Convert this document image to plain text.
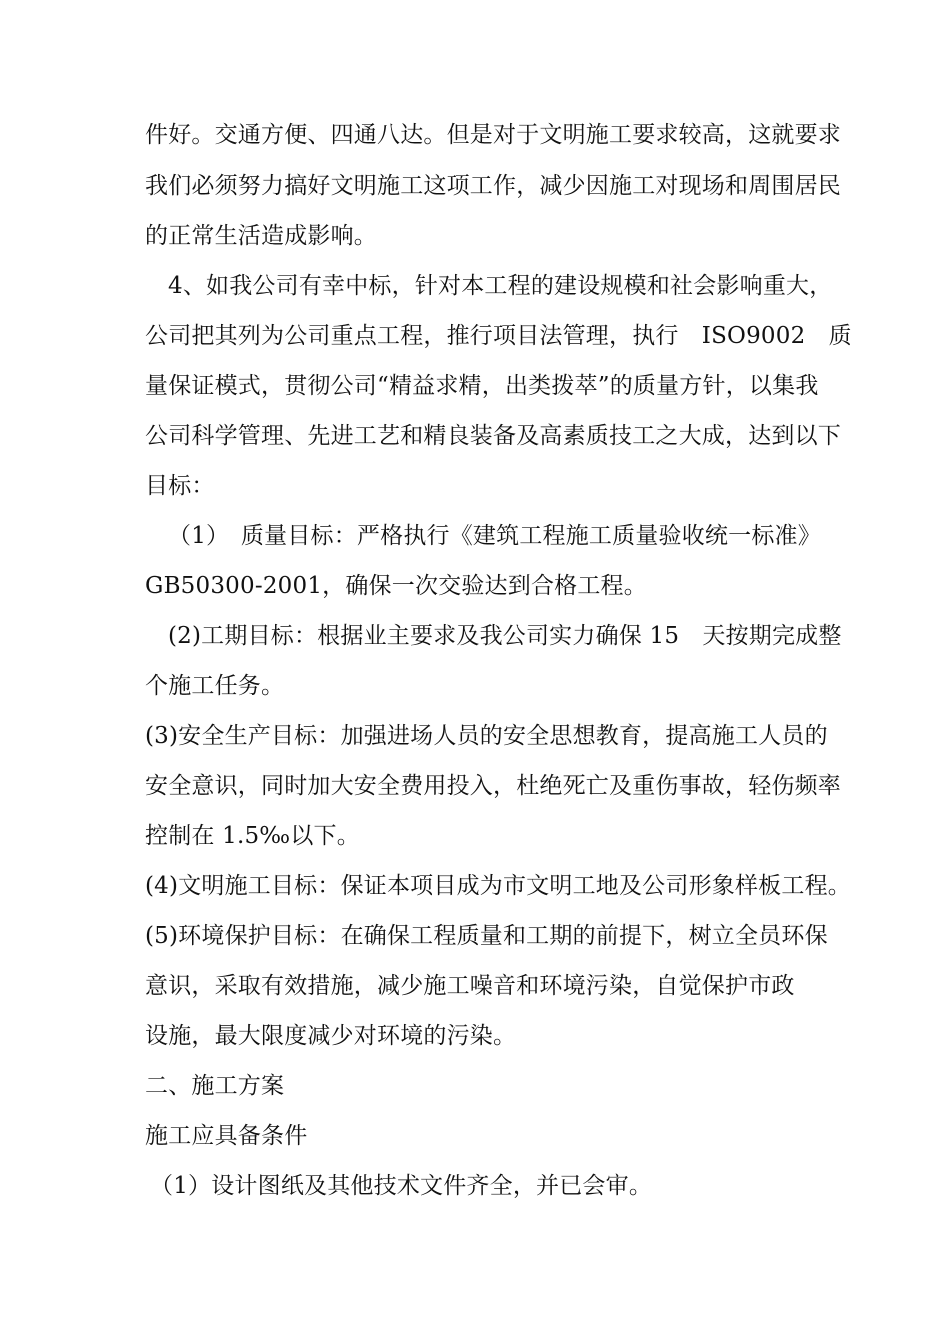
件好。交通方便、四通八达。但是对于文明施工要求较高，这就要求
我们必须努力搞好文明施工这项工作，减少因施工对现场和周围居民
的正常生活造成影响。
4、如我公司有幸中标，针对本工程的建设规模和社会影响重大，
公司把其列为公司重点工程，推行项目法管理，执行　ISO9002　质
量保证模式，贯彻公司“精益求精，出类拨萃”的质量方针，以集我
公司科学管理、先进工艺和精良装备及高素质技工之大成，达到以下
目标：
（1）　质量目标：严格执行《建筑工程施工质量验收统一标准》
GB50300-2001，确保一次交验达到合格工程。
(2)工期目标：根据业主要求及我公司实力确保 15　天按期完成整
个施工任务。
(3)安全生产目标：加强进场人员的安全思想教育，提高施工人员的
安全意识，同时加大安全费用投入，杜绝死亡及重伤事故，轻伤频率
控制在 1.5‰以下。
(4)文明施工目标：保证本项目成为市文明工地及公司形象样板工程。
(5)环境保护目标：在确保工程质量和工期的前提下，树立全员环保
意识，采取有效措施，减少施工噪音和环境污染，自觉保护市政
设施，最大限度减少对环境的污染。
二、施工方案
施工应具备条件
（1）设计图纸及其他技术文件齐全，并已会审。
